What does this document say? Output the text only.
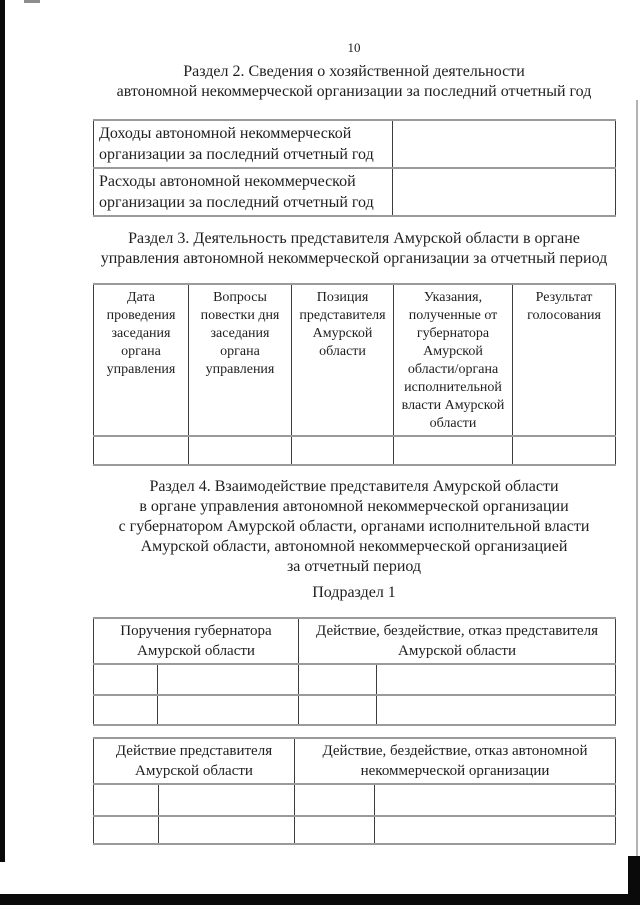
10
Раздел 2. Сведения о хозяйственной деятельности
автономной некоммерческой организации за последний отчетный год
Доходы автономной некоммерческой организации за последний отчетный год	
Расходы автономной некоммерческой организации за последний отчетный год	
Раздел 3. Деятельность представителя Амурской области в органе
управления автономной некоммерческой организации за отчетный период
Дата проведения заседания органа управления	Вопросы повестки дня заседания органа управления	Позиция представителя Амурской области	Указания, полученные от губернатора Амурской области/органа исполнительной власти Амурской области	Результат голосования

Раздел 4. Взаимодействие представителя Амурской области
в органе управления автономной некоммерческой организации
с губернатором Амурской области, органами исполнительной власти
Амурской области, автономной некоммерческой организацией
за отчетный период
Подраздел 1
Поручения губернатора Амурской области		Действие, бездействие, отказ представителя Амурской области	

Действие представителя Амурской области		Действие, бездействие, отказ автономной некоммерческой организации	
